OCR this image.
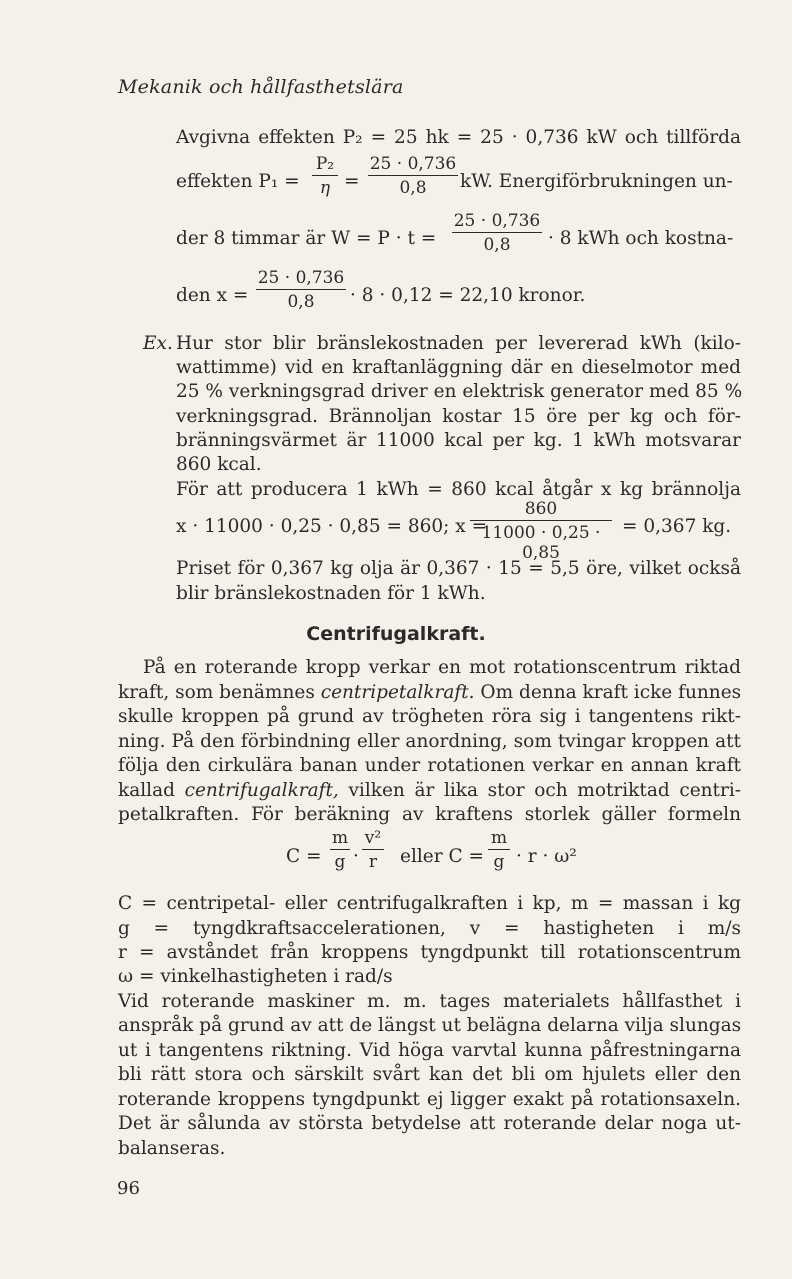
Mekanik och hållfasthetslära
Avgivna effekten P₂ = 25 hk = 25 · 0,736 kW och tillförda
effekten $P_1 = \frac{\text{P₂}}{\eta} = \frac{25 \cdot 0,736}{0,8}$ kW. Energiförbrukningen un-
der 8 timmar är $W = P \cdot t = \frac{25 \cdot 0,736}{0,8} \cdot 8$ kWh och kostna-
den $x = \frac{25 \cdot 0,736}{0,8} \cdot 8 \cdot 0,12 = 22,10$ kronor.
Ex. Hur stor blir bränslekostnaden per levererad kWh (kilo-
wattimme) vid en kraftanläggning där en dieselmotor med
25 % verkningsgrad driver en elektrisk generator med 85 %
verkningsgrad. Brännoljan kostar 15 öre per kg och för-
bränningsvärmet är 11000 kcal per kg. 1 kWh motsvarar
860 kcal.
För att producera 1 kWh = 860 kcal åtgår x kg brännolja
x · 11000 · 0,25 · 0,85 = 860; x =
$\frac{860}{11000 \cdot 0,25 \cdot 0,85} = 0,367$ kg.
Priset för 0,367 kg olja är 0,367 · 15 = 5,5 öre, vilket också
blir bränslekostnaden för 1 kWh.
Centrifugalkraft.
På en roterande kropp verkar en mot rotationscentrum riktad
kraft, som benämnes centripetalkraft. Om denna kraft icke funnes
skulle kroppen på grund av trögheten röra sig i tangentens rikt-
ning. På den förbindning eller anordning, som tvingar kroppen att
följa den cirkulära banan under rotationen verkar en annan kraft
kallad centrifugalkraft, vilken är lika stor och motriktad centri-
petalkraften. För beräkning av kraftens storlek gäller formeln
$C = \frac{m}{g} \cdot \frac{\text{v²}}{r}$ eller $C = \frac{m}{g} \cdot r \cdot \omega^2$
C = centripetal- eller centrifugalkraften i kp, m = massan i kg
g = tyngdkraftsaccelerationen, v = hastigheten i m/s
r = avståndet från kroppens tyngdpunkt till rotationscentrum
ω = vinkelhastigheten i rad/s
Vid roterande maskiner m. m. tages materialets hållfasthet i
anspråk på grund av att de längst ut belägna delarna vilja slungas
ut i tangentens riktning. Vid höga varvtal kunna påfrestningarna
bli rätt stora och särskilt svårt kan det bli om hjulets eller den
roterande kroppens tyngdpunkt ej ligger exakt på rotationsaxeln.
Det är sålunda av största betydelse att roterande delar noga ut-
balanseras.
96
